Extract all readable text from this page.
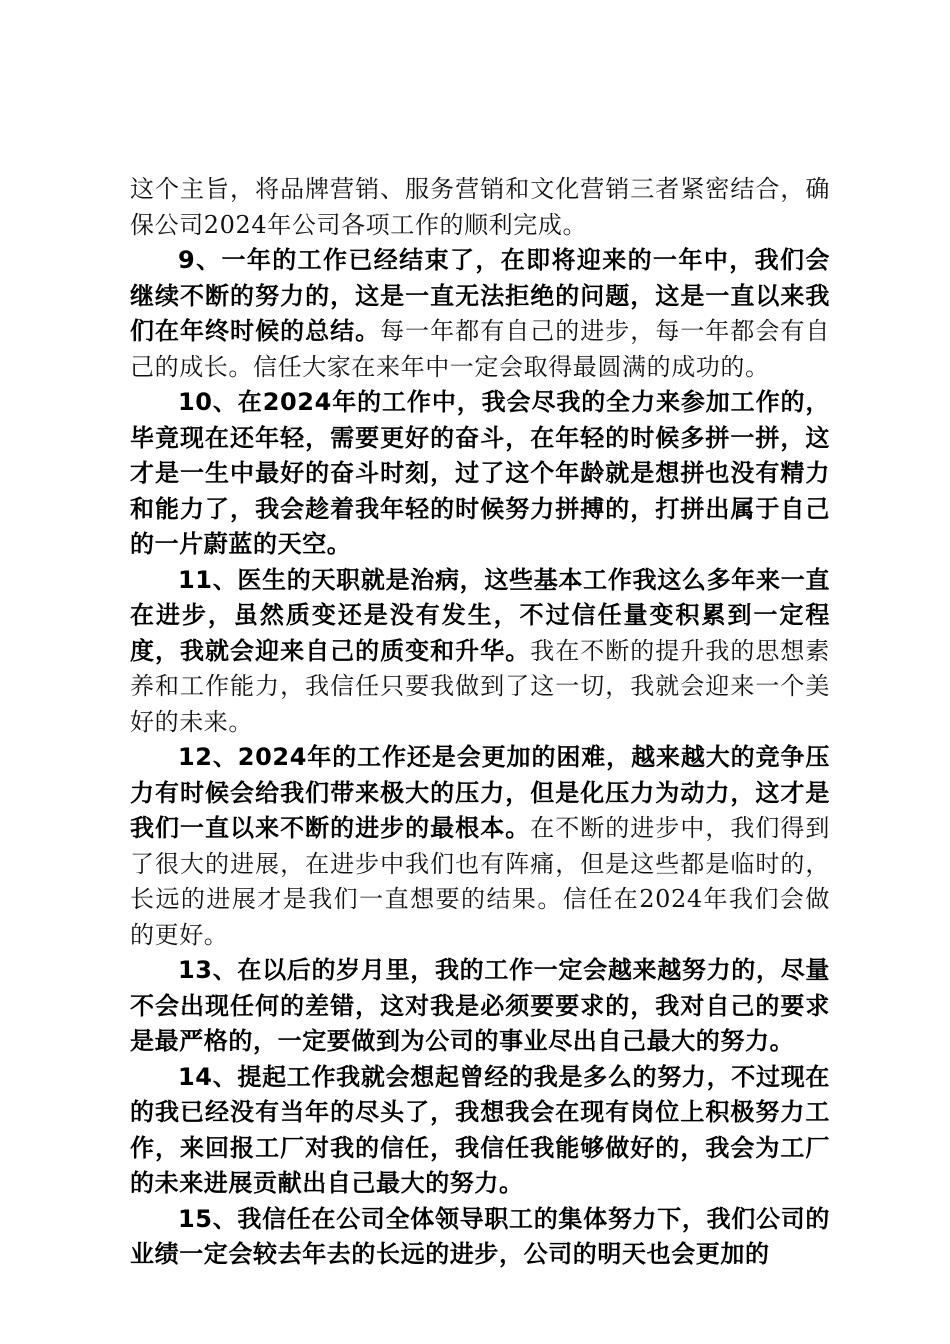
这个主旨，将品牌营销、服务营销和文化营销三者紧密结合，确保公司2024年公司各项工作的顺利完成。

9、一年的工作已经结束了，在即将迎来的一年中，我们会继续不断的努力的，这是一直无法拒绝的问题，这是一直以来我们在年终时候的总结。每一年都有自己的进步，每一年都会有自己的成长。信任大家在来年中一定会取得最圆满的成功的。

10、在2024年的工作中，我会尽我的全力来参加工作的，毕竟现在还年轻，需要更好的奋斗，在年轻的时候多拼一拼，这才是一生中最好的奋斗时刻，过了这个年龄就是想拼也没有精力和能力了，我会趁着我年轻的时候努力拼搏的，打拼出属于自己的一片蔚蓝的天空。

11、医生的天职就是治病，这些基本工作我这么多年来一直在进步，虽然质变还是没有发生，不过信任量变积累到一定程度，我就会迎来自己的质变和升华。我在不断的提升我的思想素养和工作能力，我信任只要我做到了这一切，我就会迎来一个美好的未来。

12、2024年的工作还是会更加的困难，越来越大的竞争压力有时候会给我们带来极大的压力，但是化压力为动力，这才是我们一直以来不断的进步的最根本。在不断的进步中，我们得到了很大的进展，在进步中我们也有阵痛，但是这些都是临时的，长远的进展才是我们一直想要的结果。信任在2024年我们会做的更好。

13、在以后的岁月里，我的工作一定会越来越努力的，尽量不会出现任何的差错，这对我是必须要要求的，我对自己的要求是最严格的，一定要做到为公司的事业尽出自己最大的努力。

14、提起工作我就会想起曾经的我是多么的努力，不过现在的我已经没有当年的尽头了，我想我会在现有岗位上积极努力工作，来回报工厂对我的信任，我信任我能够做好的，我会为工厂的未来进展贡献出自己最大的努力。

15、我信任在公司全体领导职工的集体努力下，我们公司的业绩一定会较去年去的长远的进步，公司的明天也会更加的
